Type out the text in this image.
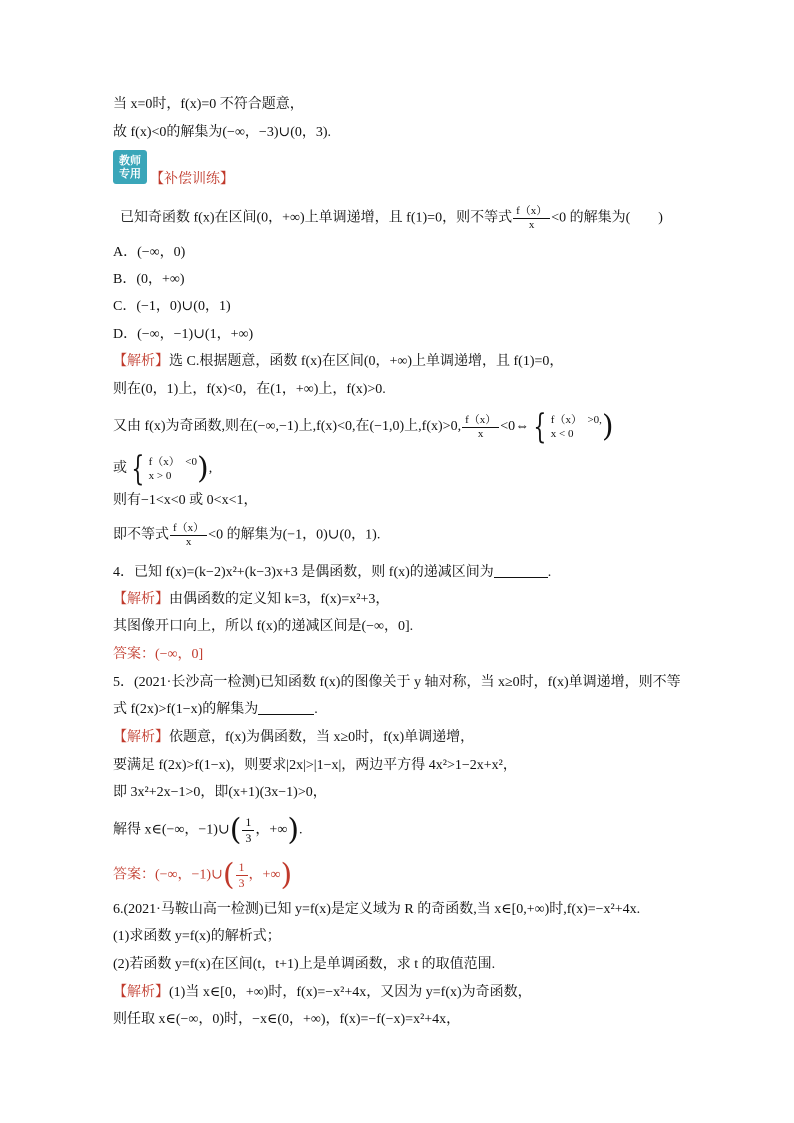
当 x=0时，f(x)=0 不符合题意，
故 f(x)<0的解集为(−∞，−3)∪(0，3).
教师
专用 【补偿训练】
已知奇函数 f(x)在区间(0，+∞)上单调递增，且 f(1)=0，则不等式 $\frac{f(x)}{x} <0$ 的解集为(　　)
A．(−∞，0)
B．(0，+∞)
C．(−1，0)∪(0，1)
D．(−∞，−1)∪(1，+∞)
【解析】选 C.根据题意，函数 f(x)在区间(0，+∞)上单调递增，且 f(1)=0，
则在(0，1)上，f(x)<0，在(1，+∞)上，f(x)>0.
又由 f(x)为奇函数,则在(−∞,−1)上,f(x)<0,在(−1,0)上,f(x)>0, $\frac{f(x)}{x}$ <0⇔ { f（x）　>0,
x < 0 )
或 { f（x）　<0
x > 0 ),
则有−1<x<0 或 0<x<1，
即不等式 $\frac{f(x)}{x} <0$ 的解集为(−1，0)∪(0，1).
4．已知 f(x)=(k−2)x²+(k−3)x+3 是偶函数，则 f(x)的递减区间为	.
【解析】由偶函数的定义知 k=3，f(x)=x²+3，
其图像开口向上，所以 f(x)的递减区间是(−∞，0].
答案：(−∞，0]
5．(2021·长沙高一检测)已知函数 f(x)的图像关于 y 轴对称，当 x≥0时，f(x)单调递增，则不等
式 f(2x)>f(1−x)的解集为	.
【解析】依题意，f(x)为偶函数，当 x≥0时，f(x)单调递增，
要满足 f(2x)>f(1−x)，则要求|2x|>|1−x|，两边平方得 4x²>1−2x+x²，
即 3x²+2x−1>0，即(x+1)(3x−1)>0，
解得 x∈(−∞，−1)∪( $\frac{1}{3}$ ，+∞).
答案：(−∞，−1)∪( $\frac{1}{3}$ ，+∞)
6.(2021·马鞍山高一检测)已知 y=f(x)是定义域为 R 的奇函数,当 x∈[0,+∞)时,f(x)=−x²+4x.
(1)求函数 y=f(x)的解析式；
(2)若函数 y=f(x)在区间(t，t+1)上是单调函数，求 t 的取值范围.
【解析】(1)当 x∈[0，+∞)时，f(x)=−x²+4x，又因为 y=f(x)为奇函数，
则任取 x∈(−∞，0)时，−x∈(0，+∞)，f(x)=−f(−x)=x²+4x，
